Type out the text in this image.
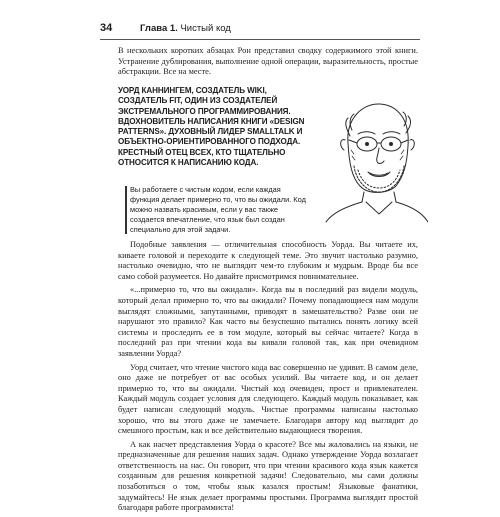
34	Глава 1. Чистый код

В нескольких коротких абзацах Рон представил сводку содержимого этой книги. Устранение дублирования, выполнение одной операции, выразительность, простые абстракции. Все на месте.

УОРД КАННИНГЕМ, СОЗДАТЕЛЬ WIKI, СОЗДАТЕЛЬ FIT, ОДИН ИЗ СОЗДАТЕЛЕЙ ЭКСТРЕМАЛЬНОГО ПРОГРАММИРОВАНИЯ. ВДОХНОВИТЕЛЬ НАПИСАНИЯ КНИГИ «DESIGN PATTERNS». ДУХОВНЫЙ ЛИДЕР SMALLTALK И ОБЪЕКТНО-ОРИЕНТИРОВАННОГО ПОДХОДА. КРЕСТНЫЙ ОТЕЦ ВСЕХ, КТО ТЩАТЕЛЬНО ОТНОСИТСЯ К НАПИСАНИЮ КОДА.
Вы работаете с чистым кодом, если каждая функция делает примерно то, что вы ожидали. Код можно назвать красивым, если у вас также создается впечатление, что язык был создан специально для этой задачи.

Подобные заявления — отличительная способность Уорда. Вы читаете их, киваете головой и переходите к следующей теме. Это звучит настолько разумно, настолько очевидно, что не выглядит чем-то глубоким и мудрым. Вроде бы все само собой разумеется. Но давайте присмотримся повнимательнее.

«...примерно то, что вы ожидали». Когда вы в последний раз видели модуль, который делал примерно то, что вы ожидали? Почему попадающиеся нам модули выглядят сложными, запутанными, приводят в замешательство? Разве они не нарушают это правило? Как часто вы безуспешно пытались понять логику всей системы и проследить ее в том модуле, который вы сейчас читаете? Когда в последний раз при чтении кода вы кивали головой так, как при очевидном заявлении Уорда?

Уорд считает, что чтение чистого кода вас совершенно не удивит. В самом деле, оно даже не потребует от вас особых усилий. Вы читаете код, и он делает примерно то, что вы ожидали. Чистый код очевиден, прост и привлекателен. Каждый модуль создает условия для следующего. Каждый модуль показывает, как будет написан следующий модуль. Чистые программы написаны настолько хорошо, что вы этого даже не замечаете. Благодаря автору код выглядит до смешного простым, как и все действительно выдающиеся творения.

А как насчет представления Уорда о красоте? Все мы жаловались на языки, не предназначенные для решения наших задач. Однако утверждение Уорда возлагает ответственность на нас. Он говорит, что при чтении красивого кода язык кажется созданным для решения конкретной задачи! Следовательно, мы сами должны позаботиться о том, чтобы язык казался простым! Языковые фанатики, задумайтесь! Не язык делает программы простыми. Программа выглядит простой благодаря работе программиста!
